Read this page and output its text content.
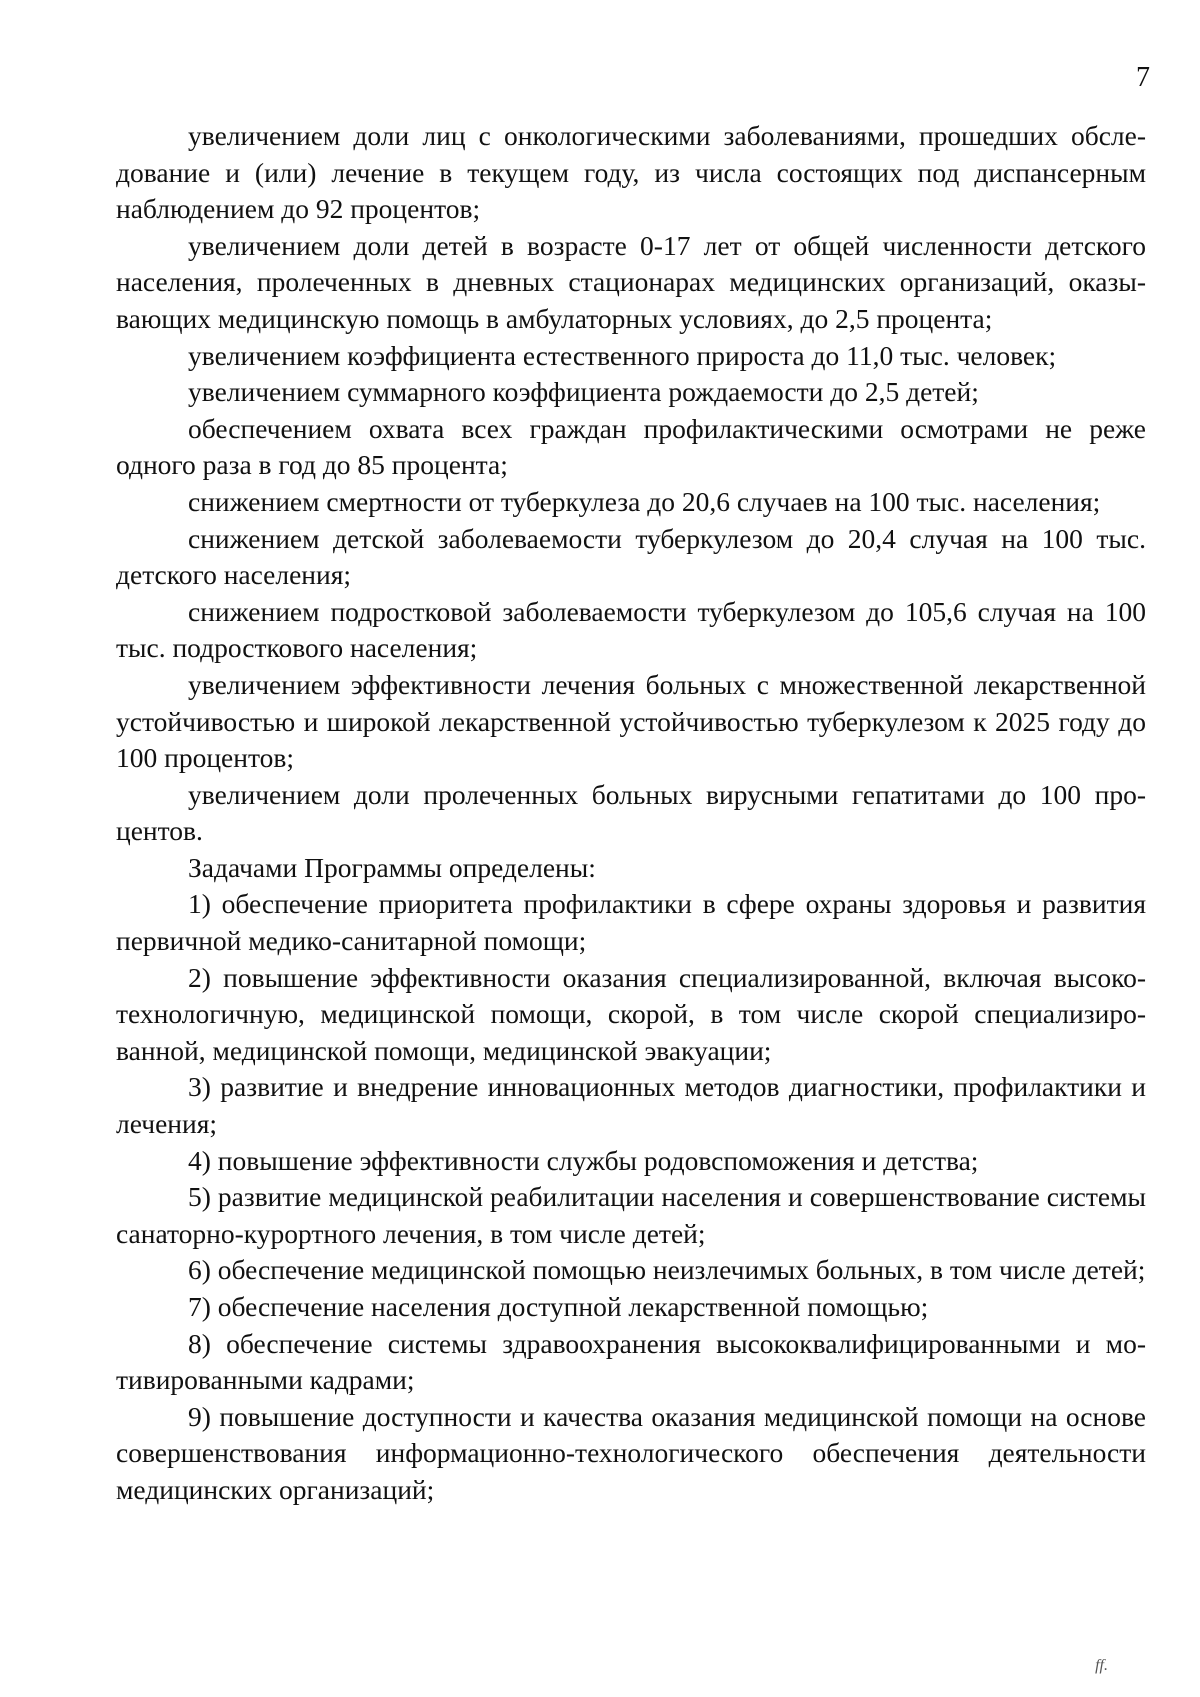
7

увеличением доли лиц с онкологическими заболеваниями, прошедших обследование и (или) лечение в текущем году, из числа состоящих под диспансерным наблюдением до 92 процентов;

увеличением доли детей в возрасте 0-17 лет от общей численности детского населения, пролеченных в дневных стационарах медицинских организаций, оказывающих медицинскую помощь в амбулаторных условиях, до 2,5 процента;

увеличением коэффициента естественного прироста до 11,0 тыс. человек;

увеличением суммарного коэффициента рождаемости до 2,5 детей;

обеспечением охвата всех граждан профилактическими осмотрами не реже одного раза в год до 85 процента;

снижением смертности от туберкулеза до 20,6 случаев на 100 тыс. населения;

снижением детской заболеваемости туберкулезом до 20,4 случая на 100 тыс. детского населения;

снижением подростковой заболеваемости туберкулезом до 105,6 случая на 100 тыс. подросткового населения;

увеличением эффективности лечения больных с множественной лекарственной устойчивостью и широкой лекарственной устойчивостью туберкулезом к 2025 году до 100 процентов;

увеличением доли пролеченных больных вирусными гепатитами до 100 процентов.

Задачами Программы определены:

1) обеспечение приоритета профилактики в сфере охраны здоровья и развития первичной медико-санитарной помощи;

2) повышение эффективности оказания специализированной, включая высокотехнологичную, медицинской помощи, скорой, в том числе скорой специализированной, медицинской помощи, медицинской эвакуации;

3) развитие и внедрение инновационных методов диагностики, профилактики и лечения;

4) повышение эффективности службы родовспоможения и детства;

5) развитие медицинской реабилитации населения и совершенствование системы санаторно-курортного лечения, в том числе детей;

6) обеспечение медицинской помощью неизлечимых больных, в том числе детей;

7) обеспечение населения доступной лекарственной помощью;

8) обеспечение системы здравоохранения высококвалифицированными и мотивированными кадрами;

9) повышение доступности и качества оказания медицинской помощи на основе совершенствования информационно-технологического обеспечения деятельности медицинских организаций;

ff.
